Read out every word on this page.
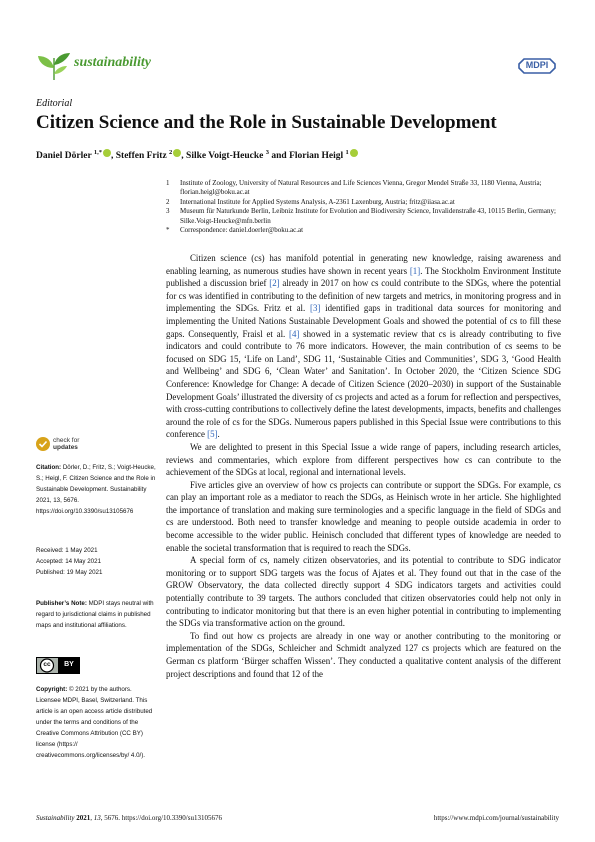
sustainability	MDPI
Editorial
Citizen Science and the Role in Sustainable Development
Daniel Dörler $^{1,*}$ , Steffen Fritz $^2$ , Silke Voigt-Heucke $^3$ and Florian Heigl $^1$
1	Institute of Zoology, University of Natural Resources and Life Sciences Vienna, Gregor Mendel Straße 33, 1180 Vienna, Austria; florian.heigl@boku.ac.at
2	International Institute for Applied Systems Analysis, A-2361 Laxenburg, Austria; fritz@iiasa.ac.at
3	Museum für Naturkunde Berlin, Leibniz Institute for Evolution and Biodiversity Science, Invalidenstraße 43, 10115 Berlin, Germany; Silke.Voigt-Heucke@mfn.berlin
*	Correspondence: daniel.doerler@boku.ac.at
check for
updates
Citation: Dörler, D.; Fritz, S.; Voigt-Heucke, S.; Heigl, F. Citizen Science and the Role in Sustainable Development. Sustainability 2021, 13, 5676. https://doi.org/10.3390/su13105676
Received: 1 May 2021
Accepted: 14 May 2021
Published: 19 May 2021
Publisher’s Note: MDPI stays neutral with regard to jurisdictional claims in published maps and institutional affiliations.
cc	BY
Copyright: © 2021 by the authors. Licensee MDPI, Basel, Switzerland. This article is an open access article distributed under the terms and conditions of the Creative Commons Attribution (CC BY) license (https:// creativecommons.org/licenses/by/ 4.0/).

Citizen science (cs) has manifold potential in generating new knowledge, raising awareness and enabling learning, as numerous studies have shown in recent years [1]. The Stockholm Environment Institute published a discussion brief [2] already in 2017 on how cs could contribute to the SDGs, where the potential for cs was identified in contributing to the definition of new targets and metrics, in monitoring progress and in implementing the SDGs. Fritz et al. [3] identified gaps in traditional data sources for monitoring and implementing the United Nations Sustainable Development Goals and showed the potential of cs to fill these gaps. Consequently, Fraisl et al. [4] showed in a systematic review that cs is already contributing to five indicators and could contribute to 76 more indicators. However, the main contribution of cs seems to be focused on SDG 15, ‘Life on Land’, SDG 11, ‘Sustainable Cities and Communities’, SDG 3, ‘Good Health and Wellbeing’ and SDG 6, ‘Clean Water’ and Sanitation’. In October 2020, the ‘Citizen Science SDG Conference: Knowledge for Change: A decade of Citizen Science (2020–2030) in support of the Sustainable Development Goals’ illustrated the diversity of cs projects and acted as a forum for reflection and perspectives, with cross-cutting contributions to collectively define the latest developments, impacts, benefits and challenges around the role of cs for the SDGs. Numerous papers published in this Special Issue were contributions to this conference [5].

We are delighted to present in this Special Issue a wide range of papers, including research articles, reviews and commentaries, which explore from different perspectives how cs can contribute to the achievement of the SDGs at local, regional and international levels.

Five articles give an overview of how cs projects can contribute or support the SDGs. For example, cs can play an important role as a mediator to reach the SDGs, as Heinisch wrote in her article. She highlighted the importance of translation and making sure terminologies and a specific language in the field of SDGs and cs are understood. Both need to transfer knowledge and meaning to people outside academia in order to become accessible to the wider public. Heinisch concluded that different types of knowledge are needed to enable the societal transformation that is required to reach the SDGs.

A special form of cs, namely citizen observatories, and its potential to contribute to SDG indicator monitoring or to support SDG targets was the focus of Ajates et al. They found out that in the case of the GROW Observatory, the data collected directly support 4 SDG indicators targets and activities could potentially contribute to 39 targets. The authors concluded that citizen observatories could help not only in contributing to indicator monitoring but that there is an even higher potential in contributing to implementing the SDGs via transformative action on the ground.

To find out how cs projects are already in one way or another contributing to the monitoring or implementation of the SDGs, Schleicher and Schmidt analyzed 127 cs projects which are featured on the German cs platform ‘Bürger schaffen Wissen’. They conducted a qualitative content analysis of the different project descriptions and found that 12 of the

Sustainability 2021, 13, 5676. https://doi.org/10.3390/su13105676	https://www.mdpi.com/journal/sustainability
